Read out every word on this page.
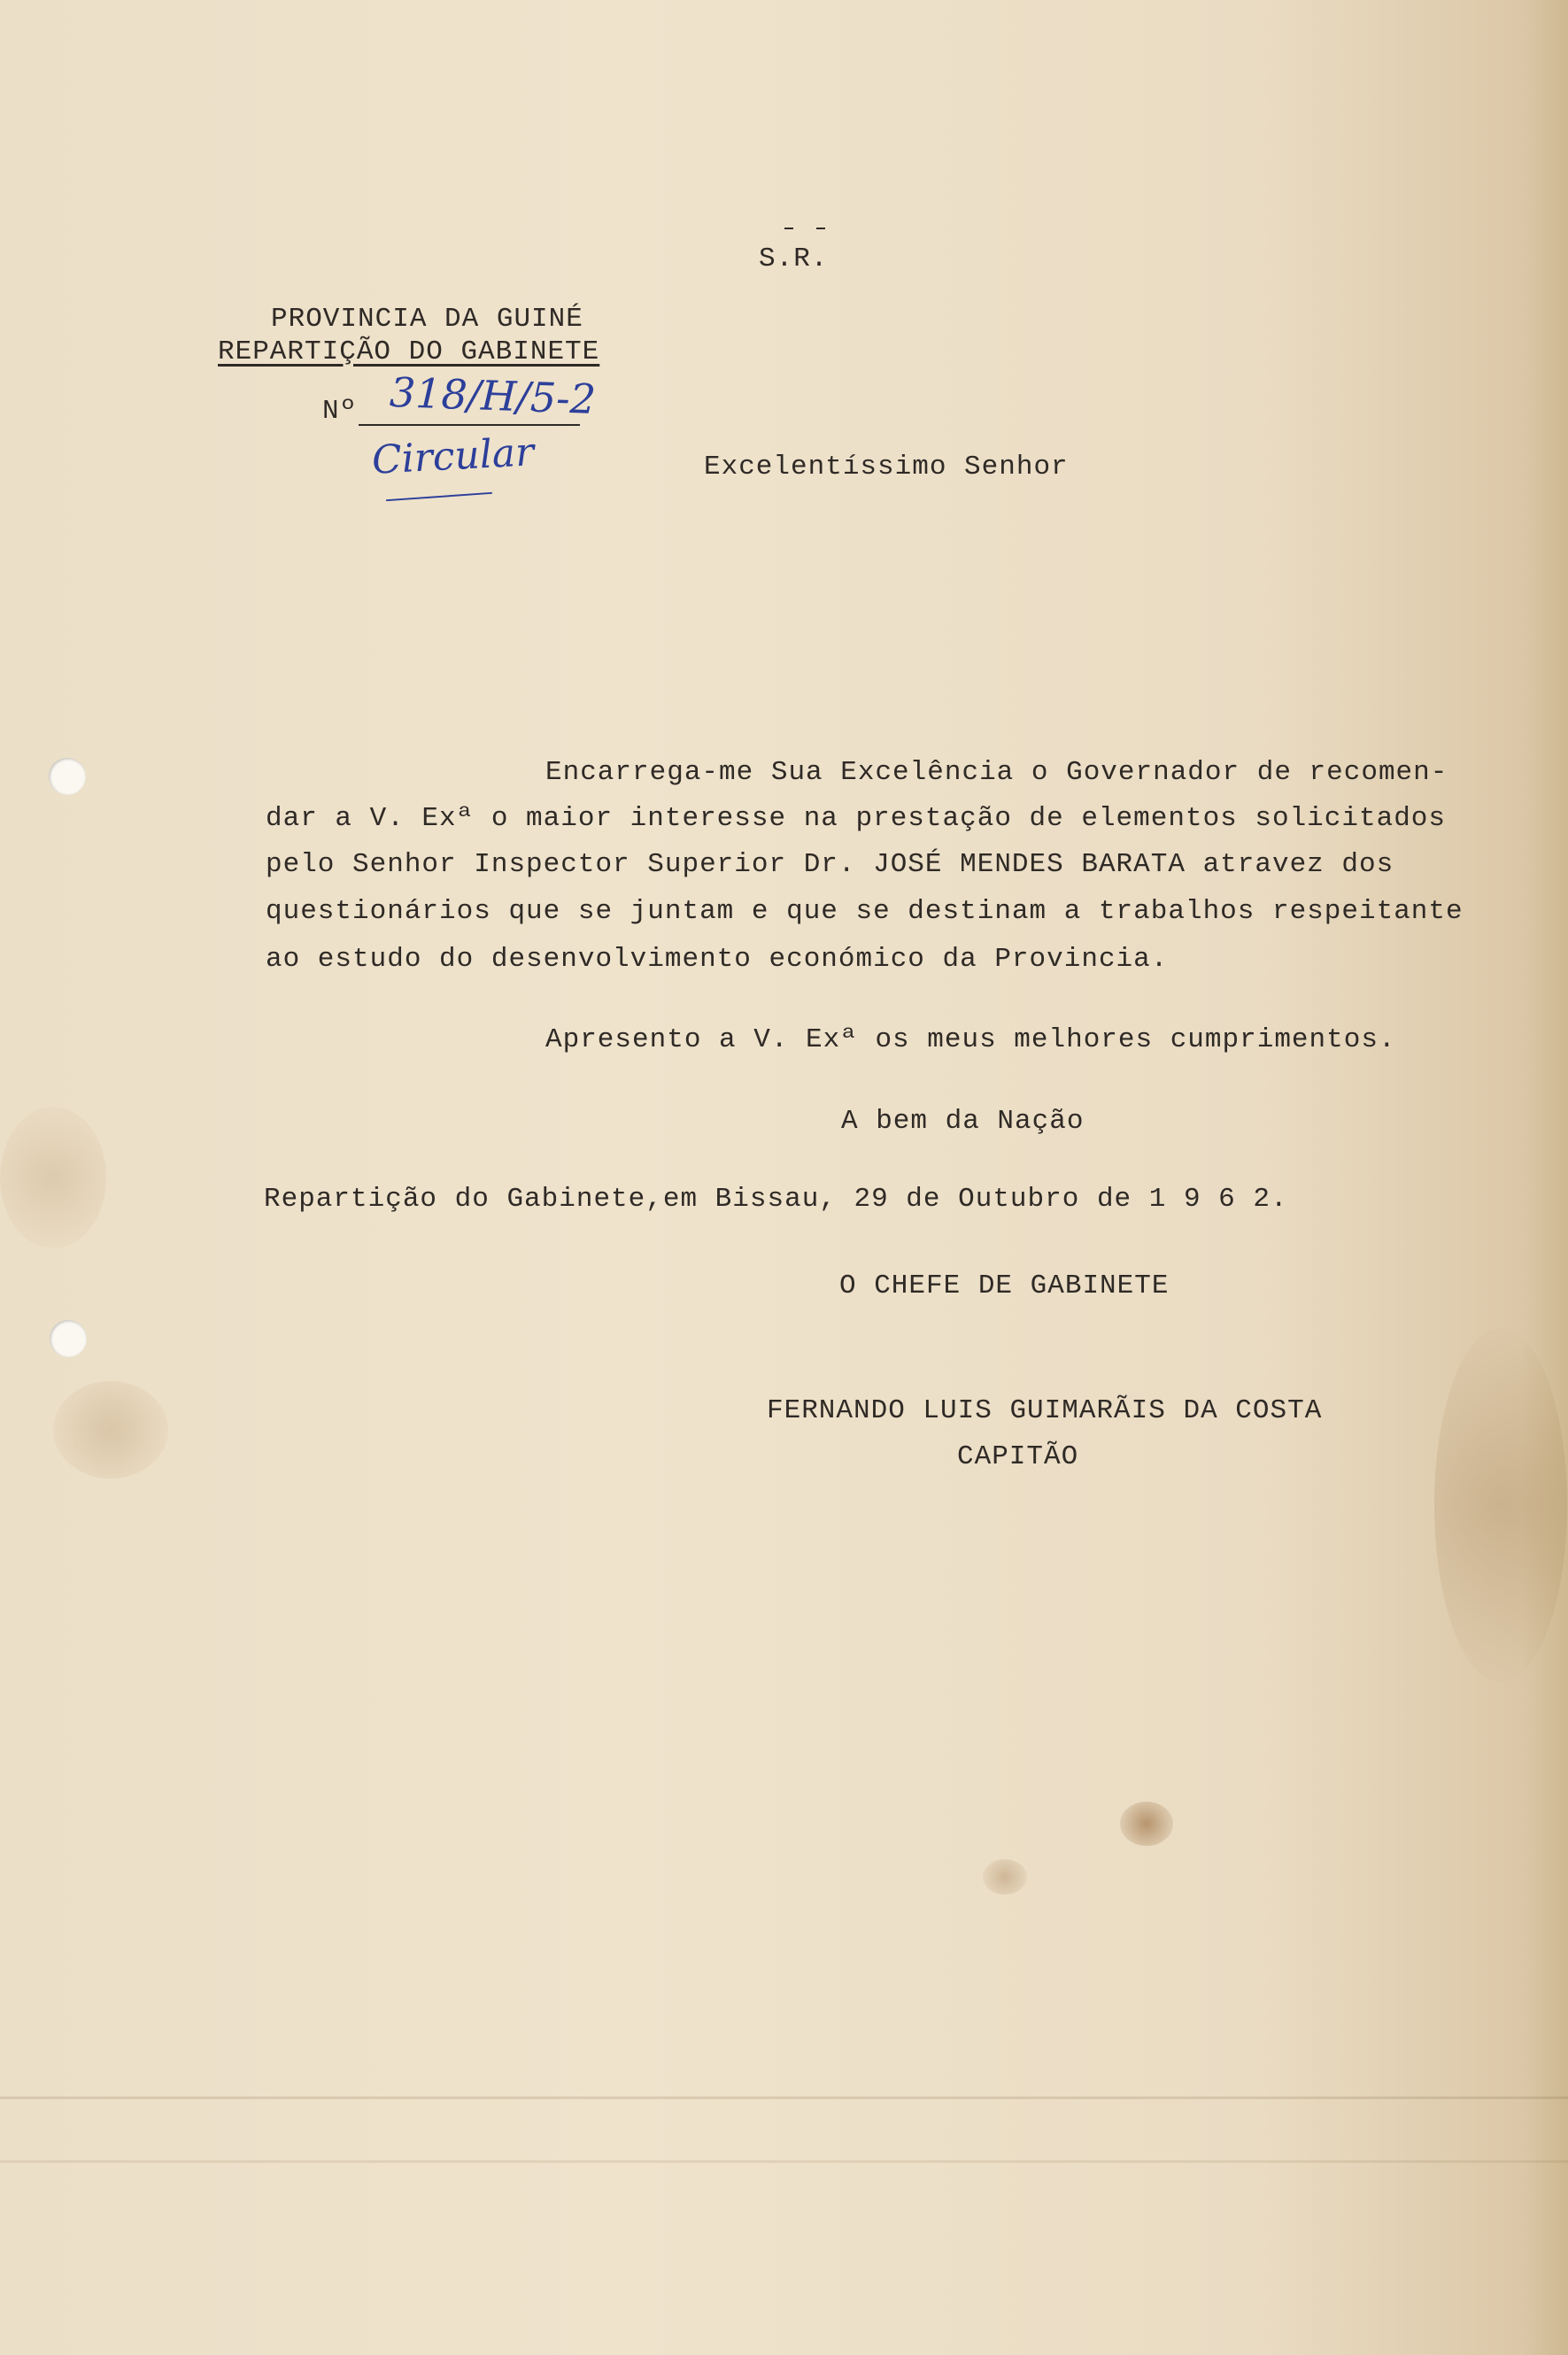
S.R.
PROVINCIA DA GUINÉ
REPARTIÇÃO DO GABINETE
Nº 318/H/5-2
Circular	Excelentíssimo Senhor
Encarrega-me Sua Excelência o Governador de recomen-
dar a V. Exª o maior interesse na prestação de elementos solicitados
pelo Senhor Inspector Superior Dr. JOSÉ MENDES BARATA atravez dos
questionários que se juntam e que se destinam a trabalhos respeitante
ao estudo do desenvolvimento económico da Provincia.
Apresento a V. Exª os meus melhores cumprimentos.
A bem da Nação
Repartição do Gabinete,em Bissau, 29 de Outubro de 1 9 6 2.
O CHEFE DE GABINETE
FERNANDO LUIS GUIMARÃIS DA COSTA
CAPITÃO
